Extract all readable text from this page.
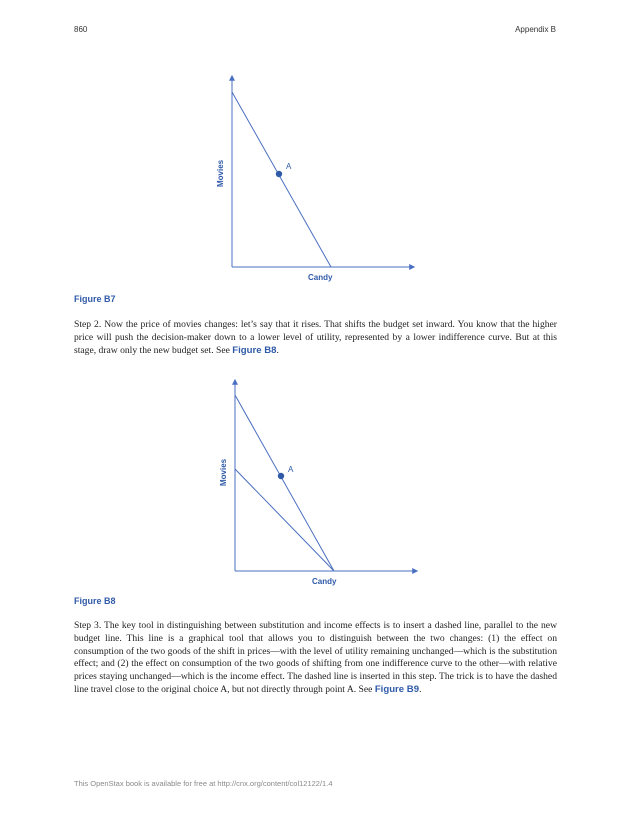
860	Appendix B
A
Movies
Candy
Figure B7

Step 2. Now the price of movies changes: let’s say that it rises. That shifts the budget set inward. You know that the higher price will push the decision-maker down to a lower level of utility, represented by a lower indifference curve. But at this stage, draw only the new budget set. See Figure B8.

A
Movies
Candy
Figure B8

Step 3. The key tool in distinguishing between substitution and income effects is to insert a dashed line, parallel to the new budget line. This line is a graphical tool that allows you to distinguish between the two changes: (1) the effect on consumption of the two goods of the shift in prices—with the level of utility remaining unchanged—which is the substitution effect; and (2) the effect on consumption of the two goods of shifting from one indifference curve to the other—with relative prices staying unchanged—which is the income effect. The dashed line is inserted in this step. The trick is to have the dashed line travel close to the original choice A, but not directly through point A. See Figure B9.

This OpenStax book is available for free at http://cnx.org/content/col12122/1.4
